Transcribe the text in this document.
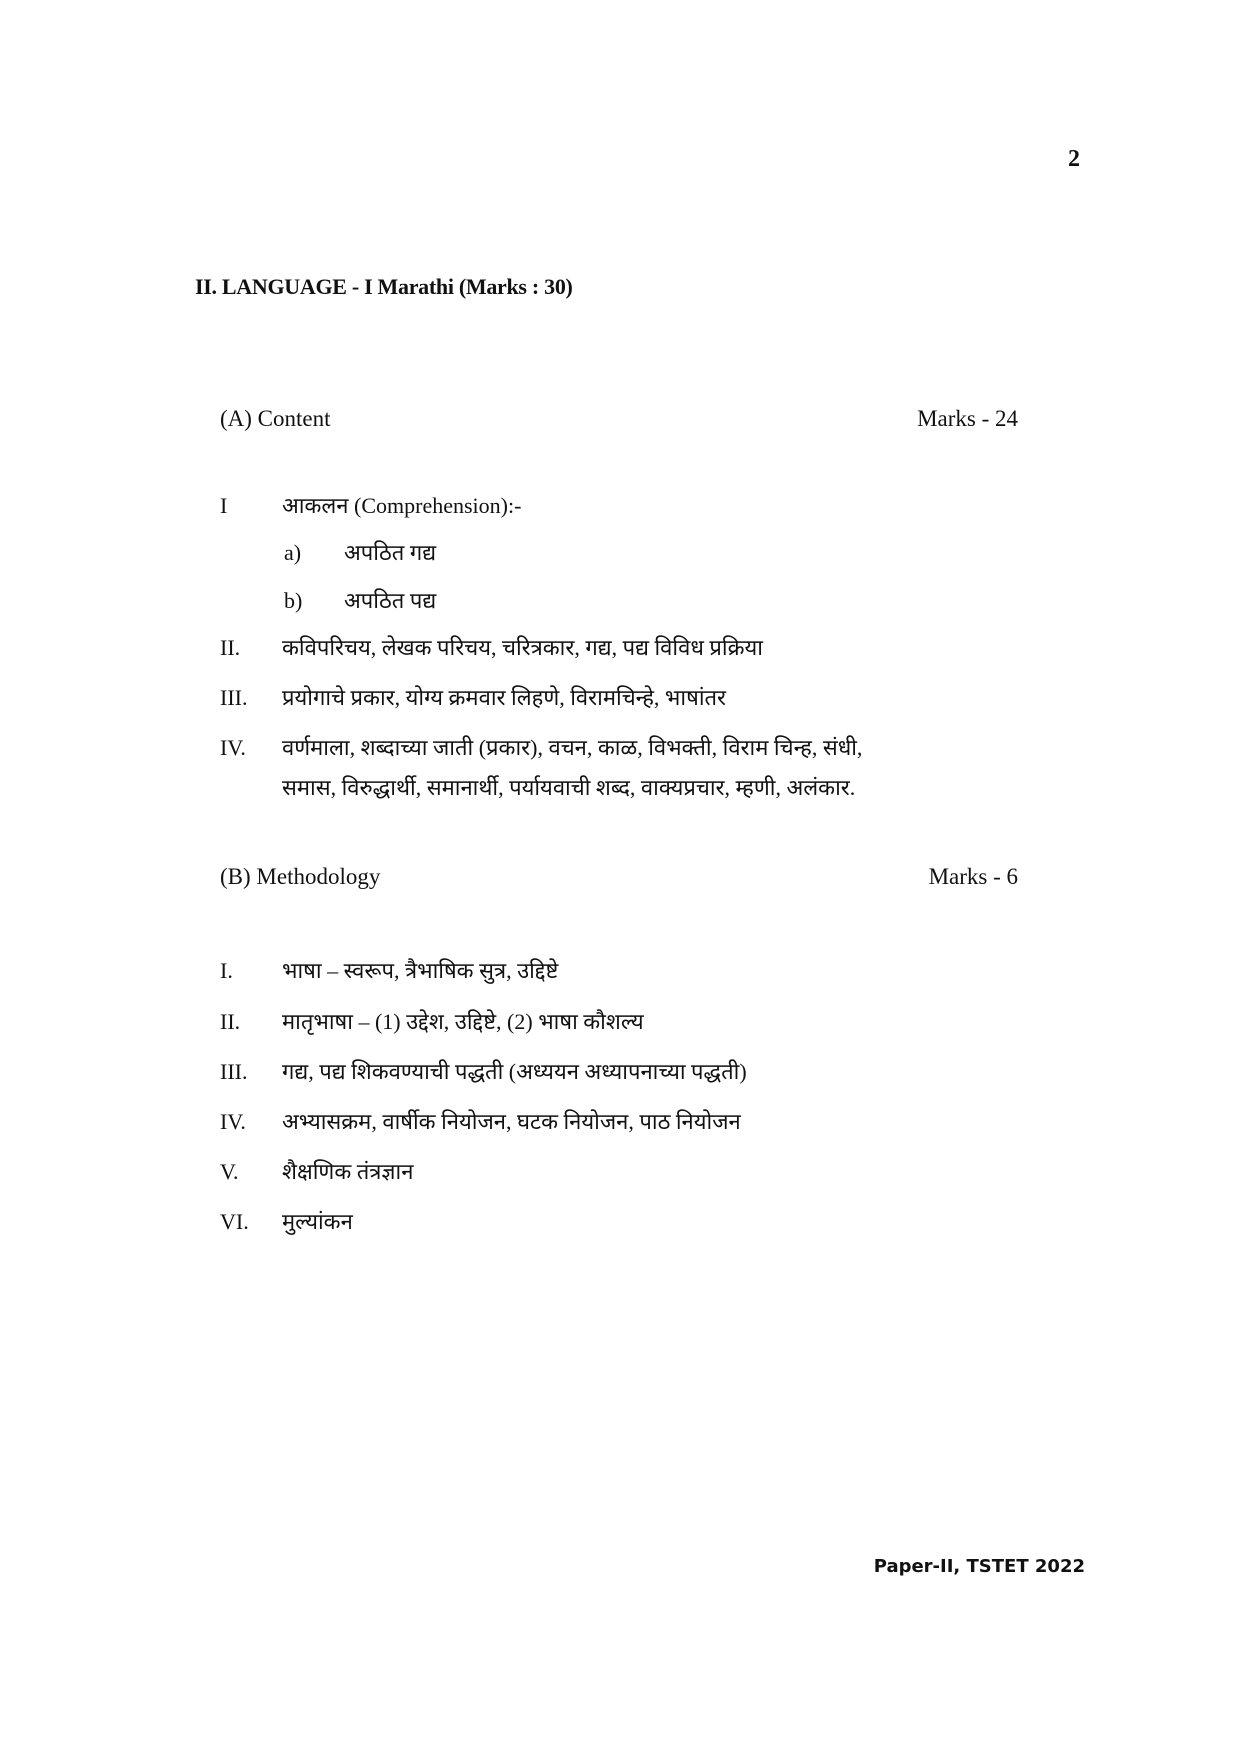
2
II. LANGUAGE - I Marathi (Marks : 30)
(A) Content	Marks - 24
I आकलन (Comprehension):-
a) अपठित गद्य
b) अपठित पद्य
II. कविपरिचय, लेखक परिचय, चरित्रकार, गद्य, पद्य विविध प्रक्रिया
III. प्रयोगाचे प्रकार, योग्य क्रमवार लिहणे, विरामचिन्हे, भाषांतर
IV. वर्णमाला, शब्दाच्या जाती (प्रकार), वचन, काळ, विभक्ती, विराम चिन्ह, संधी,
समास, विरुद्धार्थी, समानार्थी, पर्यायवाची शब्द, वाक्यप्रचार, म्हणी, अलंकार.
(B) Methodology	Marks - 6
I. भाषा – स्वरूप, त्रैभाषिक सुत्र, उद्दिष्टे
II. मातृभाषा – (1) उद्देश, उद्दिष्टे, (2) भाषा कौशल्य
III. गद्य, पद्य शिकवण्याची पद्धती (अध्ययन अध्यापनाच्या पद्धती)
IV. अभ्यासक्रम, वार्षीक नियोजन, घटक नियोजन, पाठ नियोजन
V. शैक्षणिक तंत्रज्ञान
VI. मुल्यांकन
Paper-II, TSTET 2022
